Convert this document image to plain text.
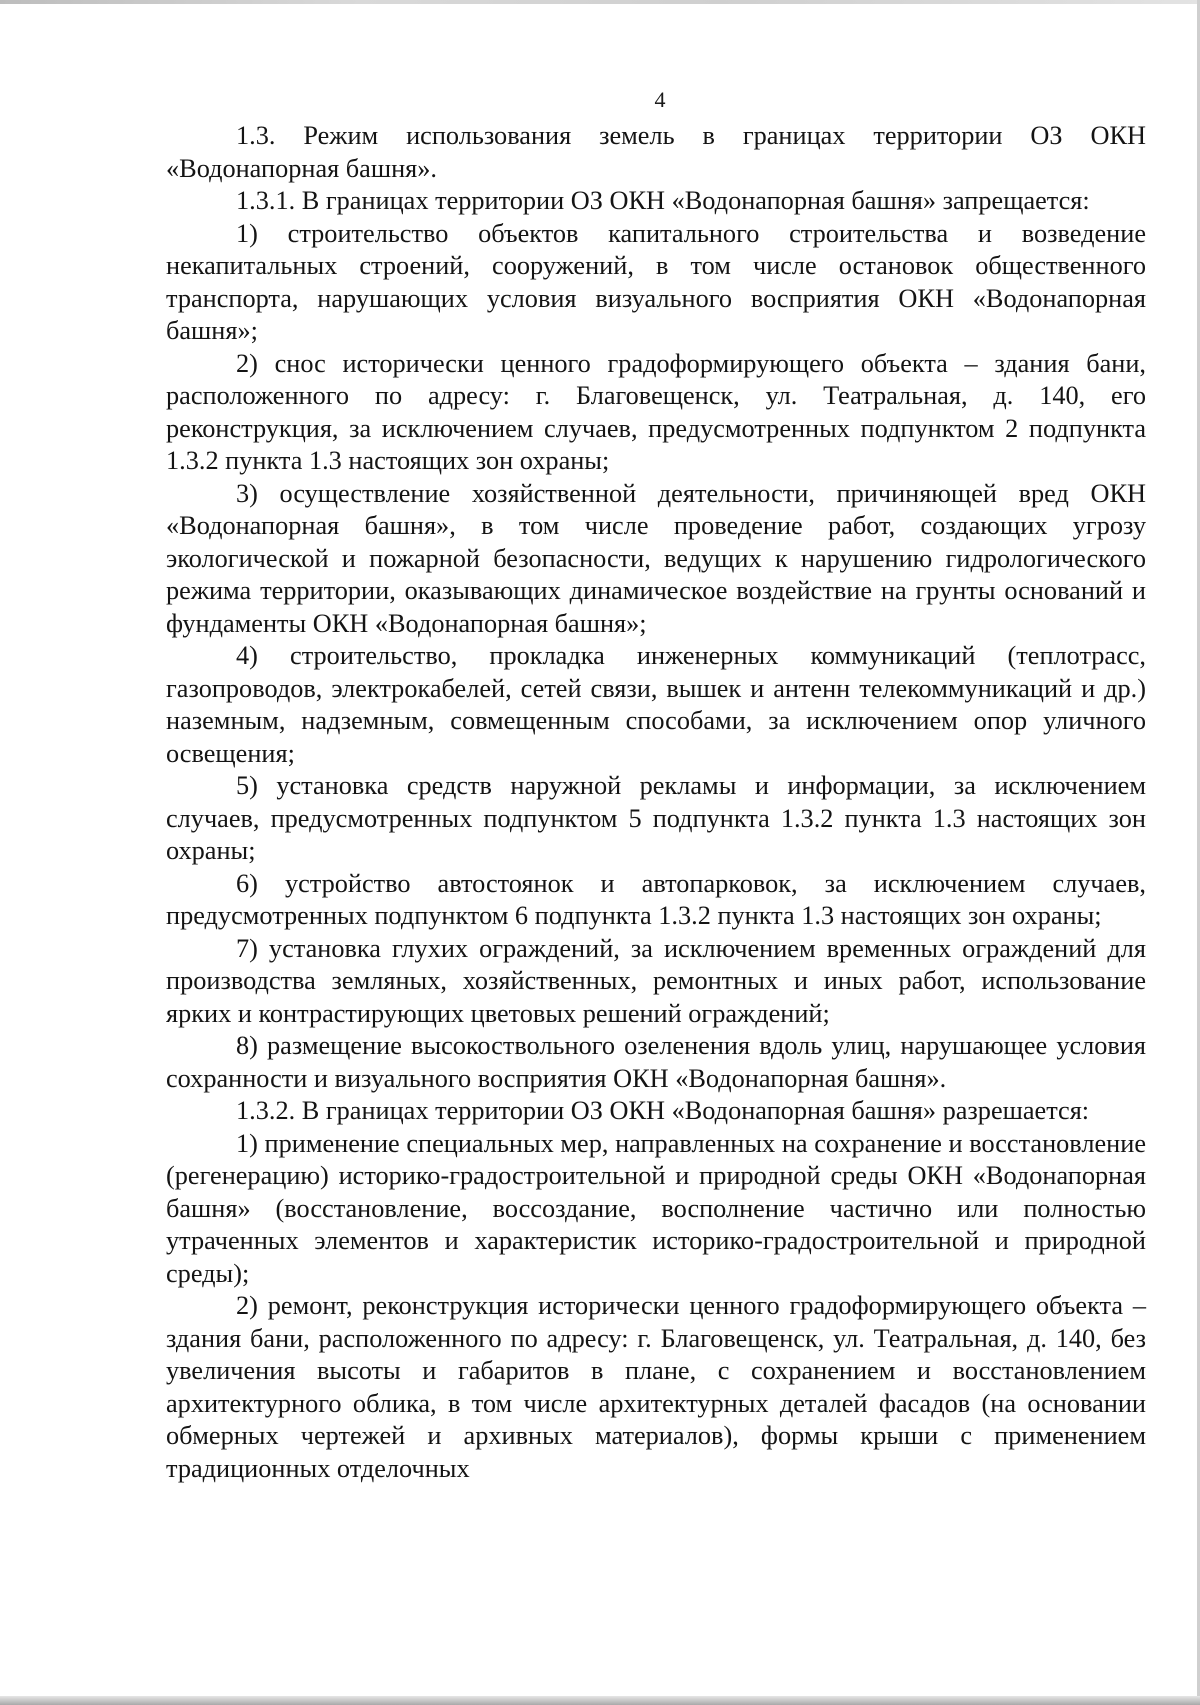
4

1.3. Режим использования земель в границах территории ОЗ ОКН «Водонапорная башня».

1.3.1. В границах территории ОЗ ОКН «Водонапорная башня» запрещается:

1) строительство объектов капитального строительства и возведение некапитальных строений, сооружений, в том числе остановок общественного транспорта, нарушающих условия визуального восприятия ОКН «Водонапорная башня»;

2) снос исторически ценного градоформирующего объекта – здания бани, расположенного по адресу: г. Благовещенск, ул. Театральная, д. 140, его реконструкция, за исключением случаев, предусмотренных подпунктом 2 подпункта 1.3.2 пункта 1.3 настоящих зон охраны;

3) осуществление хозяйственной деятельности, причиняющей вред ОКН «Водонапорная башня», в том числе проведение работ, создающих угрозу экологической и пожарной безопасности, ведущих к нарушению гидрологического режима территории, оказывающих динамическое воздействие на грунты оснований и фундаменты ОКН «Водонапорная башня»;

4) строительство, прокладка инженерных коммуникаций (теплотрасс, газопроводов, электрокабелей, сетей связи, вышек и антенн телекоммуникаций и др.) наземным, надземным, совмещенным способами, за исключением опор уличного освещения;

5) установка средств наружной рекламы и информации, за исключением случаев, предусмотренных подпунктом 5 подпункта 1.3.2 пункта 1.3 настоящих зон охраны;

6) устройство автостоянок и автопарковок, за исключением случаев, предусмотренных подпунктом 6 подпункта 1.3.2 пункта 1.3 настоящих зон охраны;

7) установка глухих ограждений, за исключением временных ограждений для производства земляных, хозяйственных, ремонтных и иных работ, использование ярких и контрастирующих цветовых решений ограждений;

8) размещение высокоствольного озеленения вдоль улиц, нарушающее условия сохранности и визуального восприятия ОКН «Водонапорная башня».

1.3.2. В границах территории ОЗ ОКН «Водонапорная башня» разрешается:

1) применение специальных мер, направленных на сохранение и восстановление (регенерацию) историко-градостроительной и природной среды ОКН «Водонапорная башня» (восстановление, воссоздание, восполнение частично или полностью утраченных элементов и характеристик историко-градостроительной и природной среды);

2) ремонт, реконструкция исторически ценного градоформирующего объекта – здания бани, расположенного по адресу: г. Благовещенск, ул. Театральная, д. 140, без увеличения высоты и габаритов в плане, с сохранением и восстановлением архитектурного облика, в том числе архитектурных деталей фасадов (на основании обмерных чертежей и архивных материалов), формы крыши с применением традиционных отделочных
